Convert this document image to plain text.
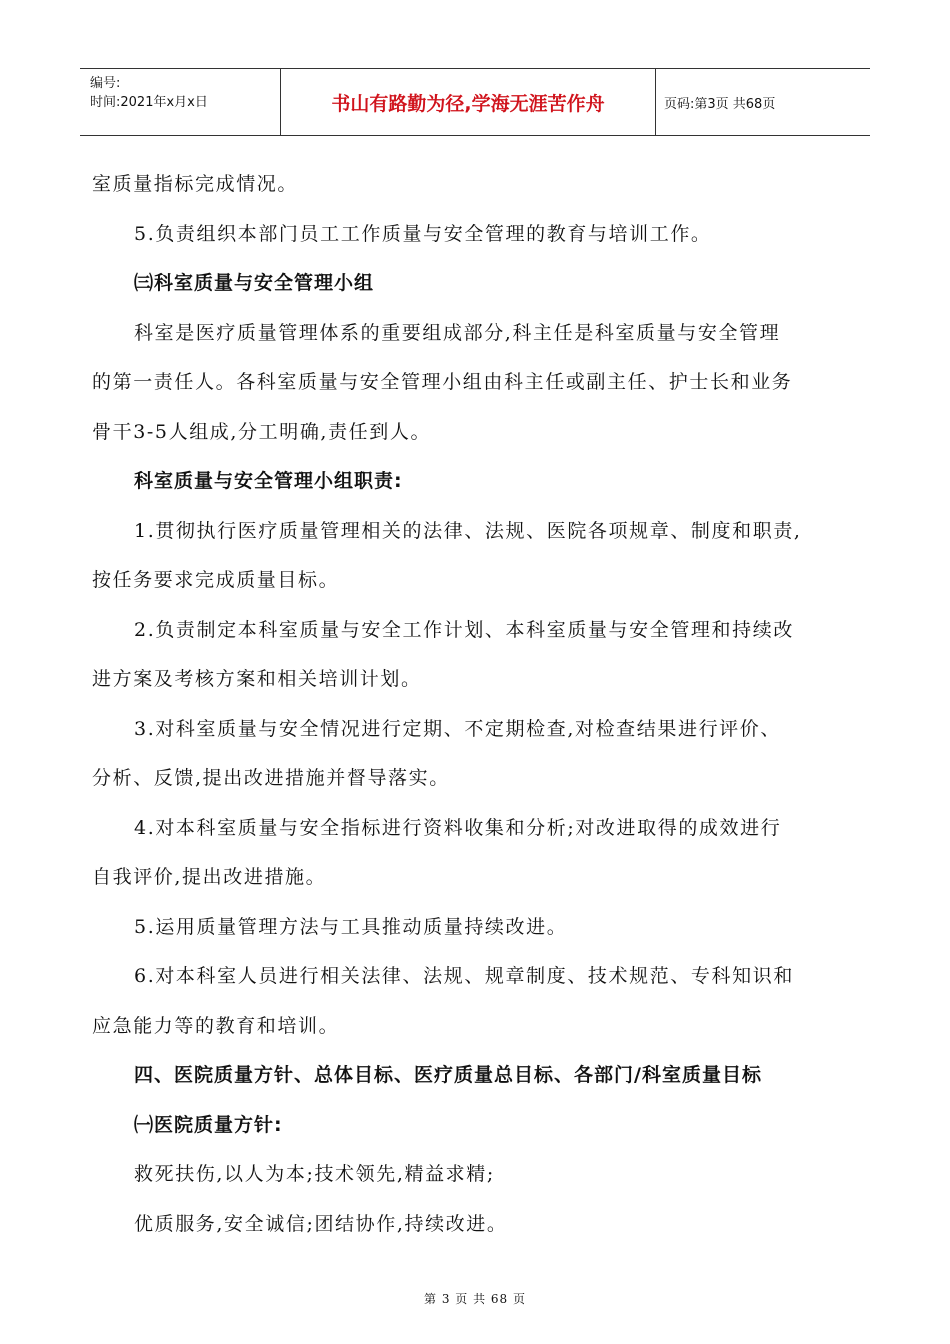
编号:
时间:2021年x月x日	书山有路勤为径,学海无涯苦作舟	页码:第3页 共68页

室质量指标完成情况。

5.负责组织本部门员工工作质量与安全管理的教育与培训工作。

㈢科室质量与安全管理小组

科室是医疗质量管理体系的重要组成部分,科主任是科室质量与安全管理

的第一责任人。各科室质量与安全管理小组由科主任或副主任、护士长和业务

骨干3-5人组成,分工明确,责任到人。

科室质量与安全管理小组职责:

1.贯彻执行医疗质量管理相关的法律、法规、医院各项规章、制度和职责,

按任务要求完成质量目标。

2.负责制定本科室质量与安全工作计划、本科室质量与安全管理和持续改

进方案及考核方案和相关培训计划。

3.对科室质量与安全情况进行定期、不定期检查,对检查结果进行评价、

分析、反馈,提出改进措施并督导落实。

4.对本科室质量与安全指标进行资料收集和分析;对改进取得的成效进行

自我评价,提出改进措施。

5.运用质量管理方法与工具推动质量持续改进。

6.对本科室人员进行相关法律、法规、规章制度、技术规范、专科知识和

应急能力等的教育和培训。

四、医院质量方针、总体目标、医疗质量总目标、各部门/科室质量目标

㈠医院质量方针:

救死扶伤,以人为本;技术领先,精益求精;

优质服务,安全诚信;团结协作,持续改进。

第 3 页 共 68 页
